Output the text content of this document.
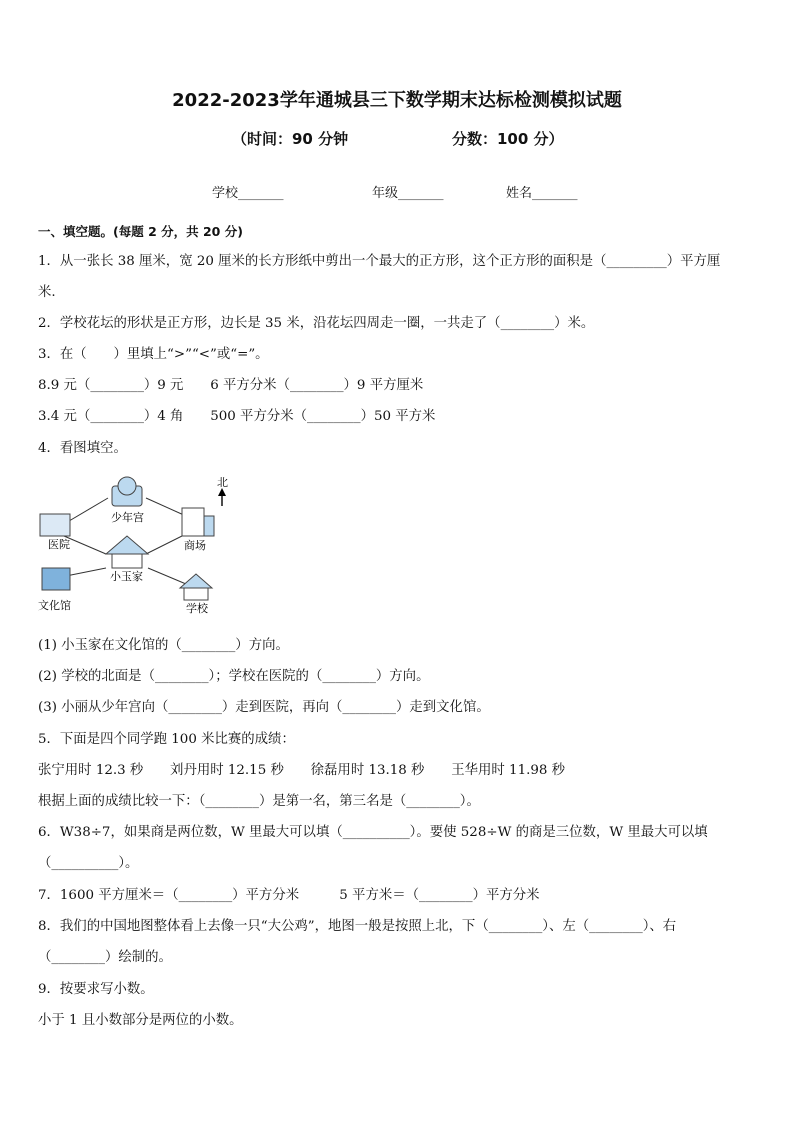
2022-2023学年通城县三下数学期末达标检测模拟试题
（时间：90 分钟	分数：100 分）
学校_______	年级_______	姓名_______
一、填空题。(每题 2 分，共 20 分)
1．从一张长 38 厘米，宽 20 厘米的长方形纸中剪出一个最大的正方形，这个正方形的面积是（_________）平方厘
米.
2．学校花坛的形状是正方形，边长是 35 米，沿花坛四周走一圈，一共走了（________）米。
3．在（　　）里填上“>”“<”或“=”。
8.9 元（________）9 元　　6 平方分米（________）9 平方厘米
3.4 元（________）4 角　　500 平方分米（________）50 平方米
4．看图填空。
(1) 小玉家在文化馆的（________）方向。
(2) 学校的北面是（________）；学校在医院的（________）方向。
(3) 小丽从少年宫向（________）走到医院，再向（________）走到文化馆。
5．下面是四个同学跑 100 米比赛的成绩：
张宁用时 12.3 秒　　刘丹用时 12.15 秒　　徐磊用时 13.18 秒　　王华用时 11.98 秒
根据上面的成绩比较一下：（________）是第一名，第三名是（________）。
6．W38÷7，如果商是两位数，W 里最大可以填（__________）。要使 528÷W 的商是三位数，W 里最大可以填
（__________）。
7．1600 平方厘米＝（________）平方分米　　　5 平方米＝（________）平方分米
8．我们的中国地图整体看上去像一只“大公鸡”，地图一般是按照上北，下（________）、左（________）、右
（________）绘制的。
9．按要求写小数。
小于 1 且小数部分是两位的小数。
少年宫
医院	商场
小玉家
文化馆	学校
北
